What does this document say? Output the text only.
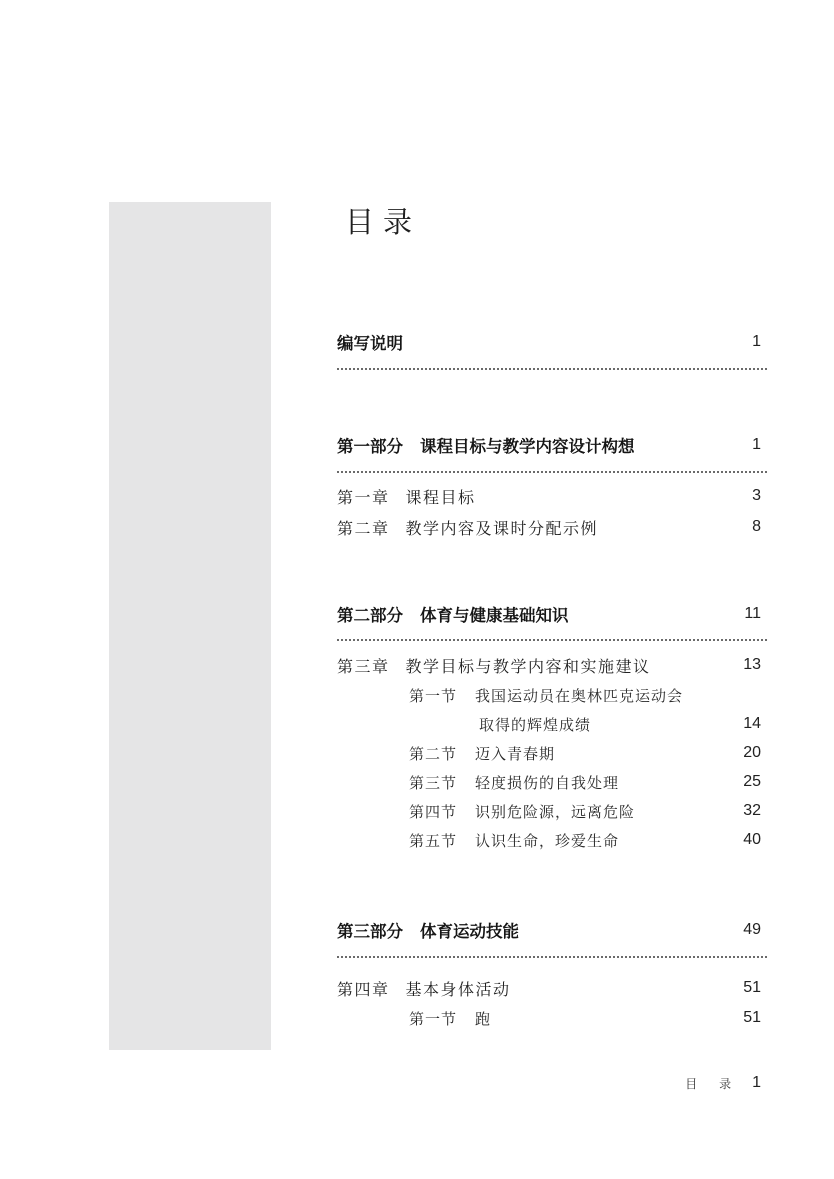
目录
编写说明	1
第一部分 课程目标与教学内容设计构想	1
第一章 课程目标	3
第二章 教学内容及课时分配示例	8
第二部分 体育与健康基础知识	11
第三章 教学目标与教学内容和实施建议	13
第一节 我国运动员在奥林匹克运动会
取得的辉煌成绩	14
第二节 迈入青春期	20
第三节 轻度损伤的自我处理	25
第四节 识别危险源，远离危险	32
第五节 认识生命，珍爱生命	40
第三部分 体育运动技能	49
第四章 基本身体活动	51
第一节 跑	51
目 录 1
